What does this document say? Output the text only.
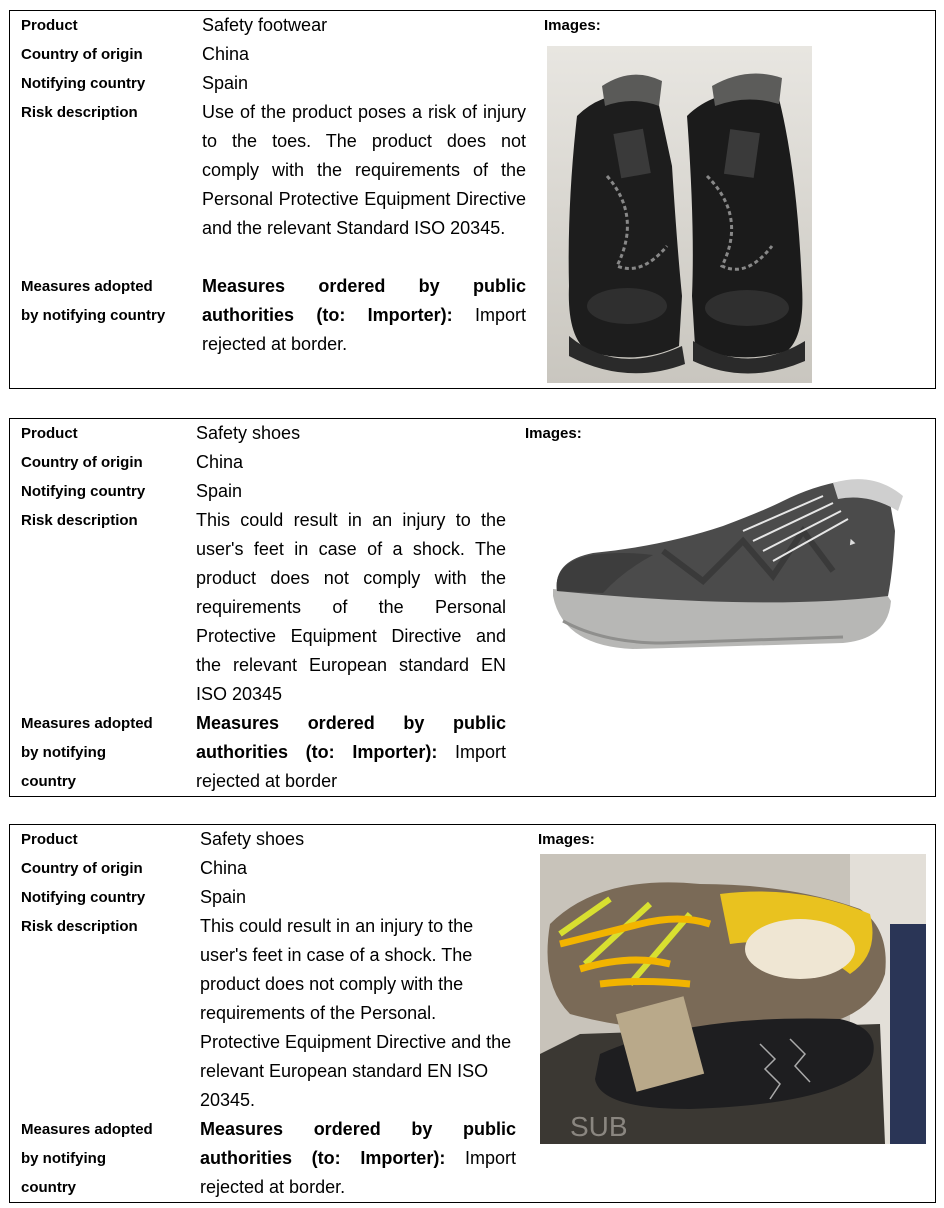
Product
Country of origin
Notifying country
Risk description
Measures adopted
by notifying country
Safety footwear
China
Spain
Use of the product poses a risk of injury to the toes. The product does not comply with the requirements of the Personal Protective Equipment Directive and the relevant Standard ISO 20345.
Measures ordered by public authorities (to: Importer): Import rejected at border.
Images:
Product
Country of origin
Notifying country
Risk description
Measures adopted
by notifying
country
Safety shoes
China
Spain
This could result in an injury to the user's feet in case of a shock. The product does not comply with the requirements of the Personal Protective Equipment Directive and the relevant European standard EN ISO 20345
Measures ordered by public authorities (to: Importer): Import rejected at border
Images:
▲
Product
Country of origin
Notifying country
Risk description
Measures adopted
by notifying
country
Safety shoes
China
Spain
This could result in an injury to the user's feet in case of a shock. The product does not comply with the requirements of the Personal. Protective Equipment Directive and the relevant European standard EN ISO 20345.
Measures ordered by public authorities (to: Importer): Import rejected at border.
Images:
SUB
